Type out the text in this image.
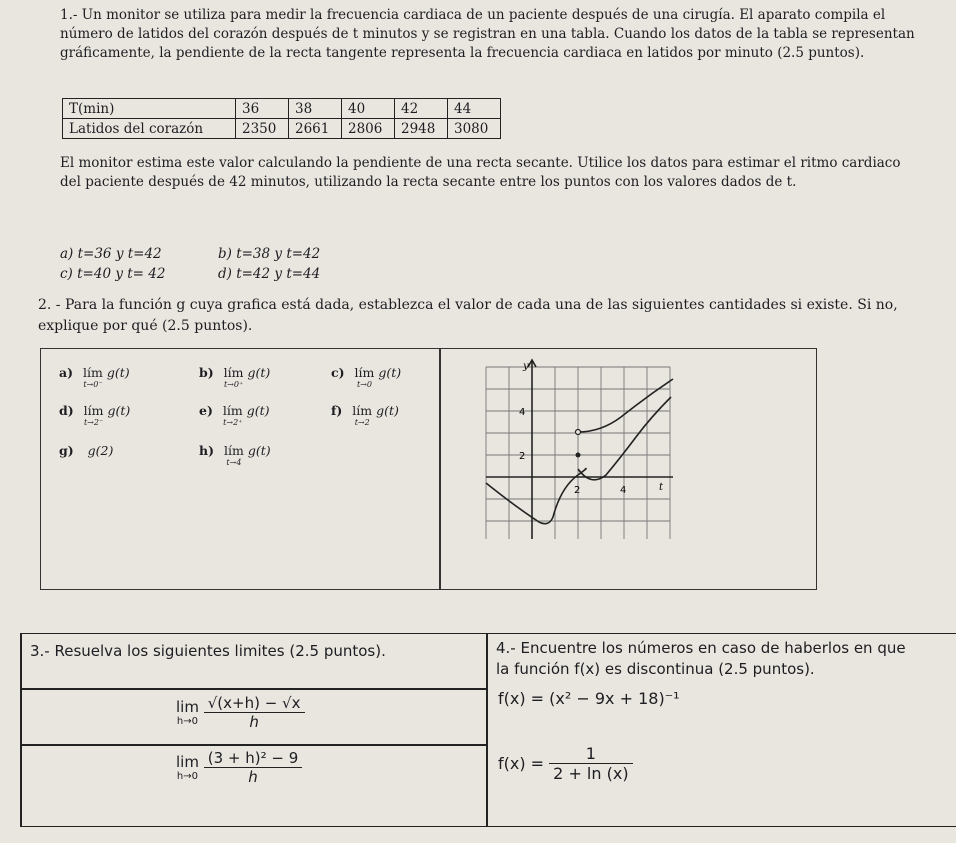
1.- Un monitor se utiliza para medir la frecuencia cardiaca de un paciente después de una cirugía. El aparato compila el número de latidos del corazón después de t minutos y se registran en una tabla. Cuando los datos de la tabla se representan gráficamente, la pendiente de la recta tangente representa la frecuencia cardiaca en latidos por minuto (2.5 puntos).
T(min)	36	38	40	42	44
Latidos del corazón	2350	2661	2806	2948	3080
El monitor estima este valor calculando la pendiente de una recta secante. Utilice los datos para estimar el ritmo cardiaco del paciente después de 42 minutos, utilizando la recta secante entre los puntos con los valores dados de t.
a) t=36 y t=42	b) t=38 y t=42
c) t=40 y t= 42	d) t=42 y t=44
2. - Para la función g cuya grafica está dada, establezca el valor de cada una de las siguientes cantidades si existe. Si no, explique por qué (2.5 puntos).
a) lím
t→0⁻
g(t)	b) lím
t→0⁺
g(t)	c) lím
t→0
g(t)
d) lím
t→2⁻
g(t)	e) lím
t→2⁺
g(t)	f) lím
t→2
g(t)
g) g(2)	h) lím
t→4
g(t)
y
t
4
2
2	4
3.- Resuelva los siguientes limites (2.5 puntos).
lim
h→0
$\frac{√(x+h) - √x}{h}$
lim
h→0
$\frac{\text{(3 + h)² − 9}}{h}$
4.- Encuentre los números en caso de haberlos en que
la función f(x) es discontinua (2.5 puntos).
f(x) = (x² − 9x + 18)⁻¹
$f(x) = \frac{1}{2 + \ln (x)}$
